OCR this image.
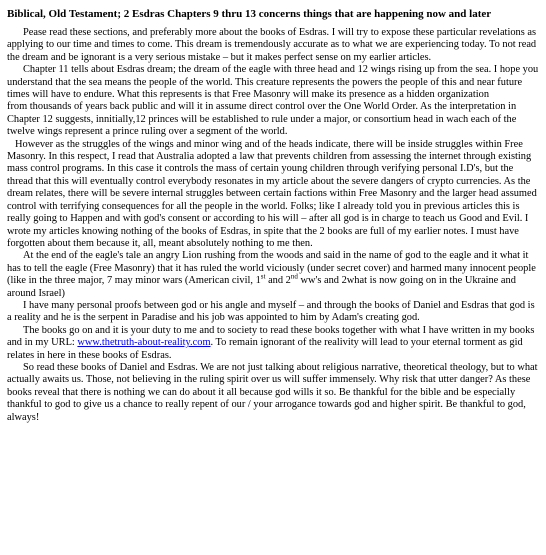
Biblical, Old Testament; 2 Esdras Chapters 9 thru 13 concerns things that are happening now and later

Pease read these sections, and preferably more about the books of Esdras. I will try to expose these particular revelations as applying to our time and times to come. This dream is tremendously accurate as to what we are experiencing today. To not read the dream and be ignorant is a very serious mistake – but it makes perfect sense on my earlier articles.

Chapter 11 tells about Esdras dream; the dream of the eagle with three head and 12 wings rising up from the sea. I hope you understand that the sea means the people of the world. This creature represents the powers the people of this and near future times will have to endure. What this represents is that Free Masonry will make its presence as a hidden organization

from thousands of years back public and will it in assume direct control over the One World Order. As the interpretation in Chapter 12 suggests, innitially,12 princes will be established to rule under a major, or consortium head in wach each of the twelve wings represent a prince ruling over a segment of the world.

However as the struggles of the wings and minor wing and of the heads indicate, there will be inside struggles within Free Masonry. In this respect, I read that Australia adopted a law that prevents children from assessing the internet through existing mass control programs. In this case it controls the mass of certain young children through verifying personal I.D's, but the thread that this will eventually control everybody resonates in my article about the severe dangers of crypto currencies. As the dream relates, there will be severe internal struggles between certain factions within Free Masonry and the larger head assumed control with terrifying consequences for all the people in the world. Folks; like I already told you in previous articles this is really going to Happen and with god's consent or according to his will – after all god is in charge to teach us Good and Evil. I wrote my articles knowing nothing of the books of Esdras, in spite that the 2 books are full of my earlier notes. I must have forgotten about them because it, all, meant absolutely nothing to me then.

At the end of the eagle's tale an angry Lion rushing from the woods and said in the name of god to the eagle and it what it has to tell the eagle (Free Masonry) that it has ruled the world viciously (under secret cover) and harmed many innocent people (like in the three major, 7 may minor wars (American civil, 1st and 2nd ww's and 2what is now going on in the Ukraine and around Israel)

I have many personal proofs between god or his angle and myself – and through the books of Daniel and Esdras that god is a reality and he is the serpent in Paradise and his job was appointed to him by Adam's creating god.

The books go on and it is your duty to me and to society to read these books together with what I have written in my books and in my URL: www.thetruth-about-reality.com. To remain ignorant of the realivity will lead to your eternal torment as gid relates in here in these books of Esdras.

So read these books of Daniel and Esdras. We are not just talking about religious narrative, theoretical theology, but to what actually awaits us. Those, not believing in the ruling spirit over us will suffer immensely. Why risk that utter danger? As these books reveal that there is nothing we can do about it all because god wills it so. Be thankful for the bible and be especially thankful to god to give us a chance to really repent of our / your arrogance towards god and higher spirit. Be thankful to god, always!
